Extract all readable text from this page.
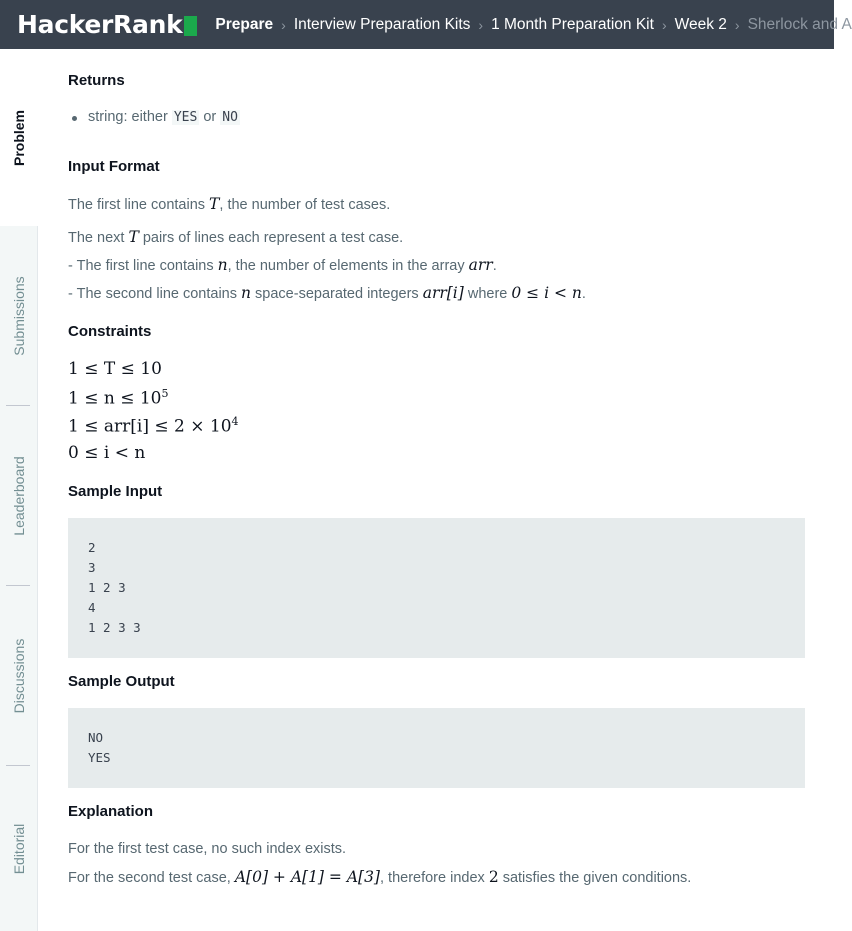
HackerRank Prepare › Interview Preparation Kits › 1 Month Preparation Kit › Week 2 › Sherlock and A
Problem
Submissions
Leaderboard
Discussions
Editorial
Returns
string: either YES or NO
Input Format
The first line contains T, the number of test cases.
The next T pairs of lines each represent a test case.
- The first line contains n, the number of elements in the array arr.
- The second line contains n space-separated integers arr[i] where 0 ≤ i < n.
Constraints
1 ≤ T ≤ 10
$1 \le n \le 10^5$
$1 \le arr[i] \le 2 \times 10^4$
0 ≤ i < n
Sample Input
2
3
1 2 3
4
1 2 3 3
Sample Output
NO
YES
Explanation
For the first test case, no such index exists.
For the second test case, A[0] + A[1] = A[3], therefore index 2 satisfies the given conditions.
